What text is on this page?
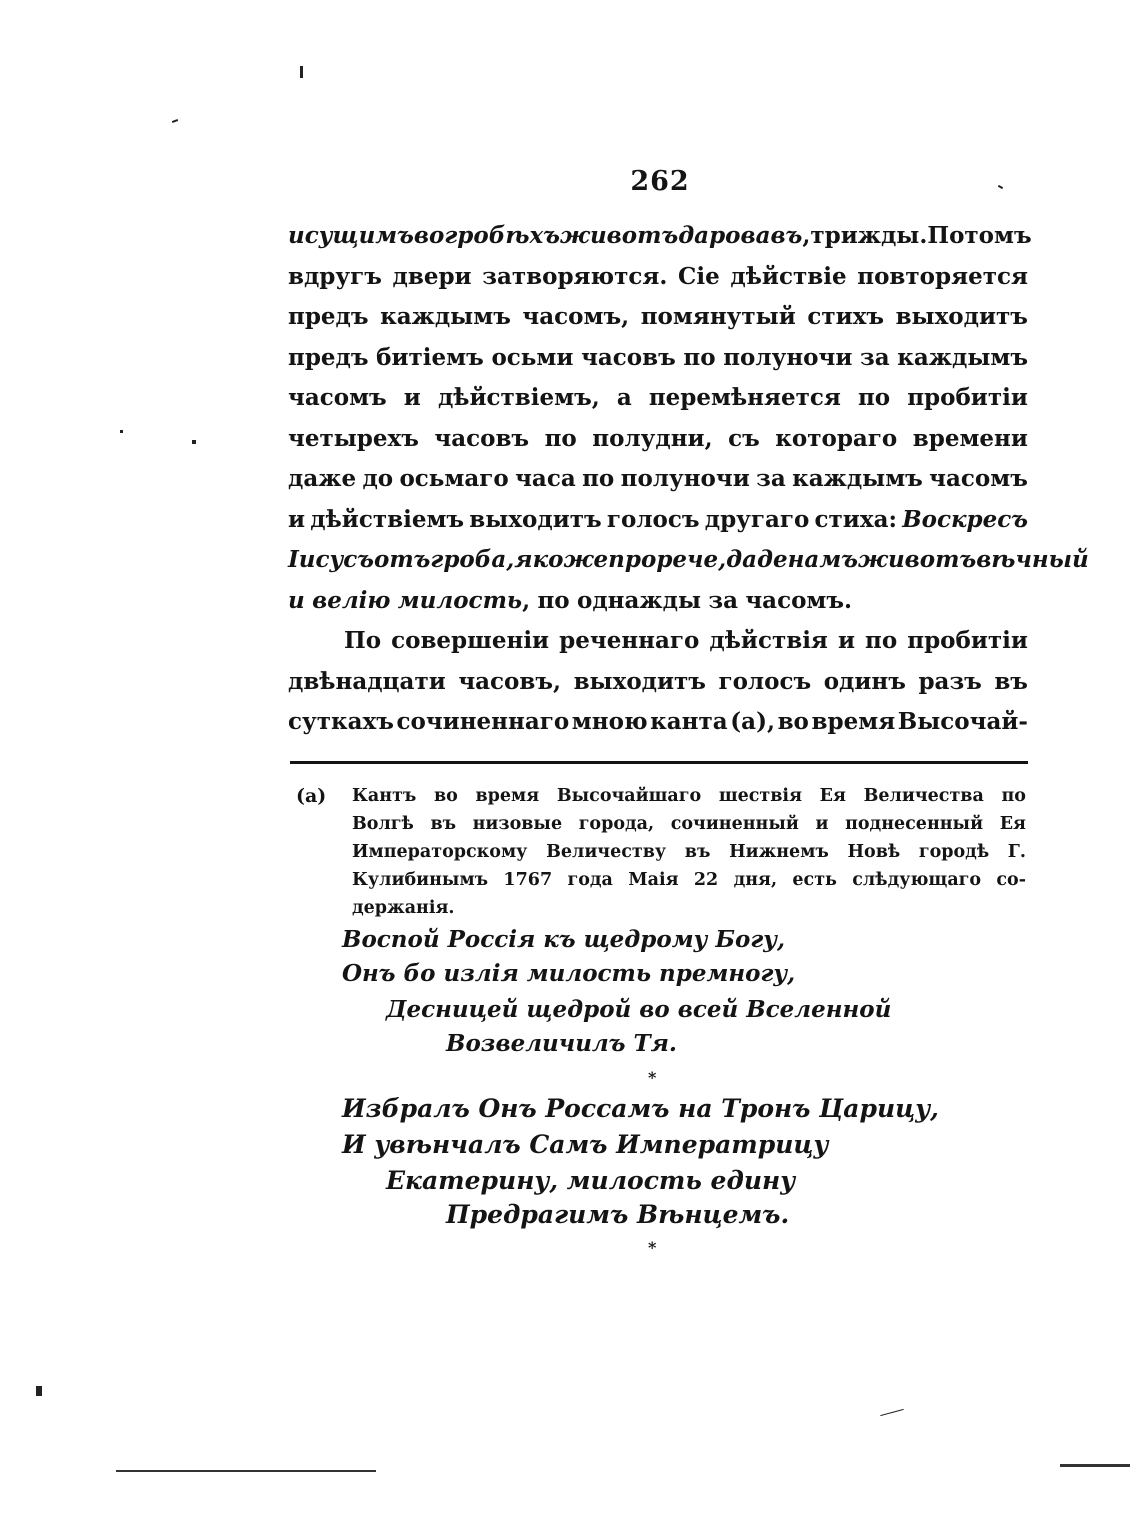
262
и сущимъ во гробѣхъ животъ даровавъ, трижды. Потомъ
вдругъ двери затворяются. Сіе дѣйствіе повторяется
предъ каждымъ часомъ, помянутый стихъ выходитъ
предъ битіемъ осьми часовъ по полуночи за каждымъ
часомъ и дѣйствіемъ, а перемѣняется по пробитіи
четырехъ часовъ по полудни, съ котораго времени
даже до осьмаго часа по полуночи за каждымъ часомъ
и дѣйствіемъ выходитъ голосъ другаго стиха: Воскресъ
Іисусъ отъ гроба, яко же прорече, даде намъ животъ вѣчный
и велію милость, по однажды за часомъ.
По совершеніи реченнаго дѣйствія и по пробитіи
двѣнадцати часовъ, выходитъ голосъ одинъ разъ въ
суткахъ сочиненнаго мною канта (а), во время Высочай-
(а) Кантъ во время Высочайшаго шествія Ея Величества по
Волгѣ въ низовые города, сочиненный и поднесенный Ея
Императорскому Величеству въ Нижнемъ Новѣ городѣ Г.
Кулибинымъ 1767 года Маія 22 дня, есть слѣдующаго со-
держанія.
Воспой Россія къ щедрому Богу,
Онъ бо излія милость премногу,
Десницей щедрой во всей Вселенной
Возвеличилъ Тя.
*
Избралъ Онъ Россамъ на Тронъ Царицу,
И увѣнчалъ Самъ Императрицу
Екатерину, милость едину
Предрагимъ Вѣнцемъ.
*
